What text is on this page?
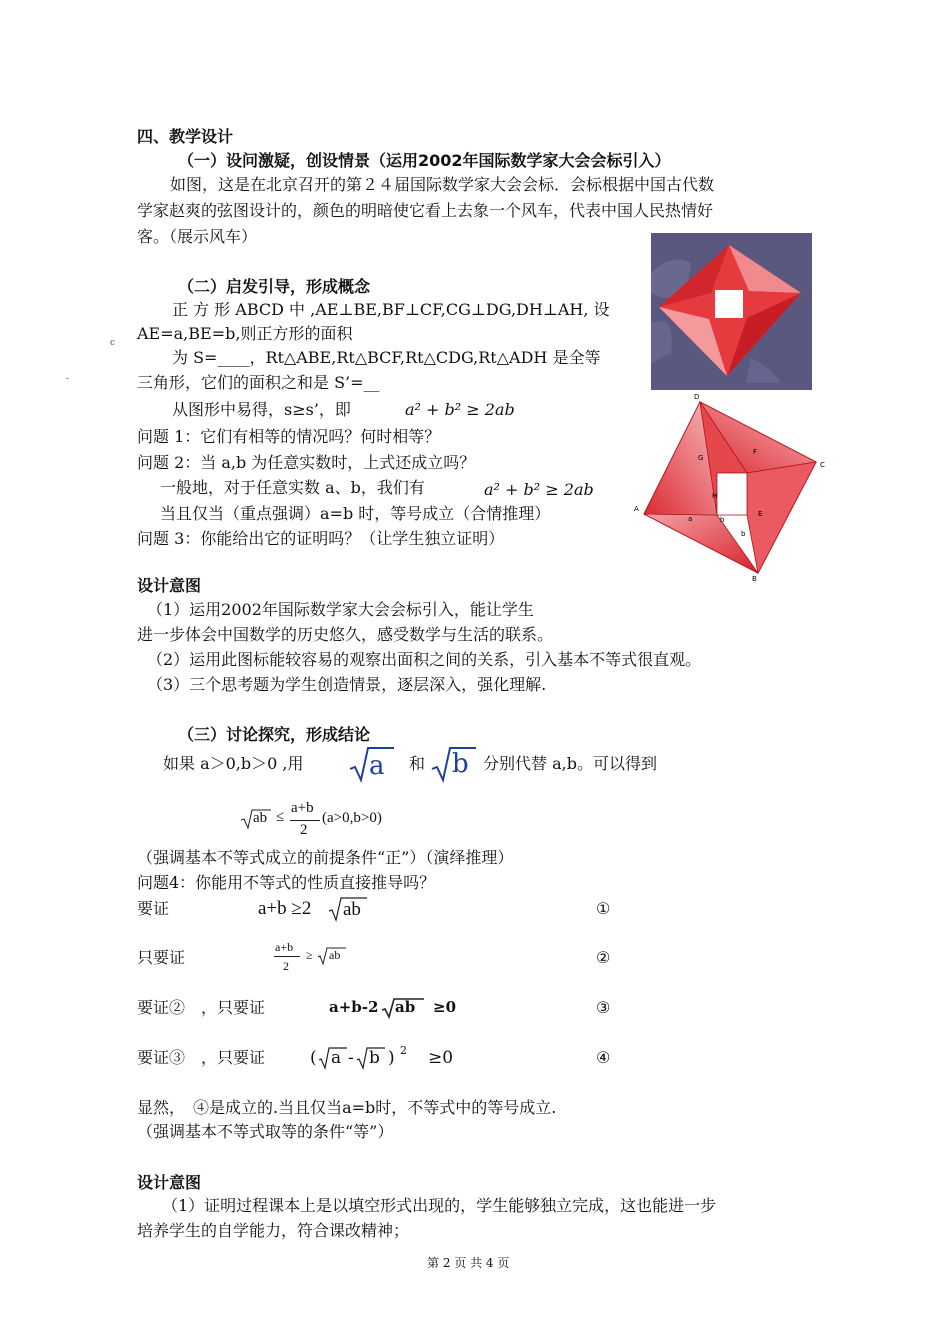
四、教学设计
（一）设问激疑，创设情景（运用2002年国际数学家大会会标引入）
如图，这是在北京召开的第２４届国际数学家大会会标．会标根据中国古代数
学家赵爽的弦图设计的，颜色的明暗使它看上去象一个风车，代表中国人民热情好
客。（展示风车）
（二）启发引导，形成概念
正 方 形 ABCD 中 ,AE⊥BE,BF⊥CF,CG⊥DG,DH⊥AH, 设
AE=a,BE=b,则正方形的面积
c
为 S=____，Rt△ABE,Rt△BCF,Rt△CDG,Rt△ADH 是全等
-	三角形，它们的面积之和是 S’=__
从图形中易得，s≥s’，即	a² + b² ≥ 2ab
问题 1：它们有相等的情况吗？何时相等？
问题 2：当 a,b 为任意实数时，上式还成立吗？
一般地，对于任意实数 a、b，我们有	a² + b² ≥ 2ab
当且仅当（重点强调）a=b 时，等号成立（合情推理）
问题 3：你能给出它的证明吗？（让学生独立证明）
D
C
A
B
F
G
H
E
a
b
b
设计意图
（1）运用2002年国际数学家大会会标引入，能让学生
进一步体会中国数学的历史悠久，感受数学与生活的联系。
（2）运用此图标能较容易的观察出面积之间的关系，引入基本不等式很直观。
（3）三个思考题为学生创造情景，逐层深入，强化理解.
（三）讨论探究，形成结论
如果 a＞0,b＞0 ,用	a 和 b 分别代替 a,b。可以得到
ab ≤
a+b
2
(a>0,b>0)
（强调基本不等式成立的前提条件“正”）（演绎推理）
问题4：你能用不等式的性质直接推导吗？
要证	a+b ≥2 ab	①
只要证
a+b
2
≥ ab	②
要证②　，只要证	a+b-2 ab ≥0	③
要证③　，只要证	( a - b ) 2 ≥0	④
显然，　④是成立的.当且仅当a=b时，不等式中的等号成立.
（强调基本不等式取等的条件“等”）
设计意图
（1）证明过程课本上是以填空形式出现的，学生能够独立完成，这也能进一步
培养学生的自学能力，符合课改精神；
第 2 页 共 4 页
